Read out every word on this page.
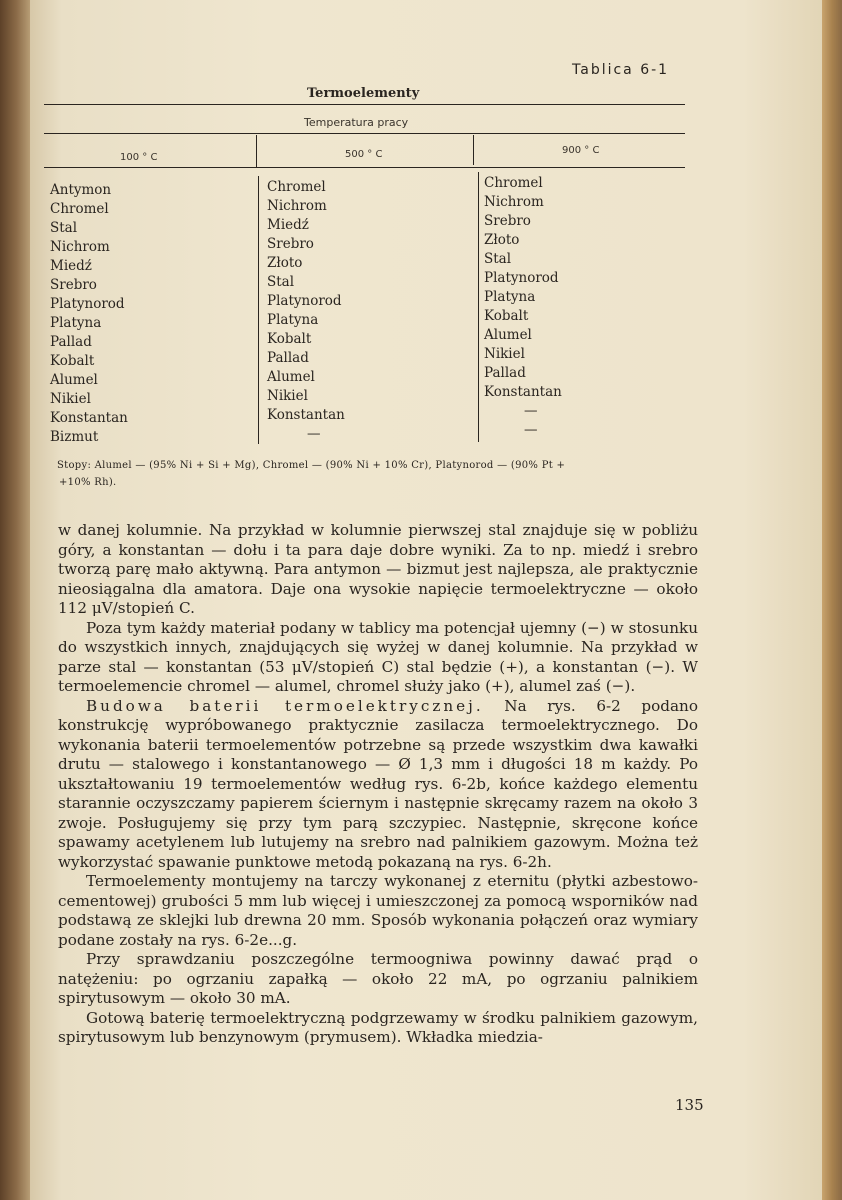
Tablica 6-1
Termoelementy
Temperatura pracy
100 ° C	500 ° C	900 ° C
Antymon
Chromel
Stal
Nichrom
Miedź
Srebro
Platynorod
Platyna
Pallad
Kobalt
Alumel
Nikiel
Konstantan
Bizmut
Chromel
Nichrom
Miedź
Srebro
Złoto
Stal
Platynorod
Platyna
Kobalt
Pallad
Alumel
Nikiel
Konstantan
—
Chromel
Nichrom
Srebro
Złoto
Stal
Platynorod
Platyna
Kobalt
Alumel
Nikiel
Pallad
Konstantan
—
—
Stopy: Alumel — (95% Ni + Si + Mg), Chromel — (90% Ni + 10% Cr), Platynorod — (90% Pt +
+10% Rh).

w danej kolumnie. Na przykład w kolumnie pierwszej stal znajduje się w pobliżu góry, a konstantan — dołu i ta para daje dobre wyniki. Za to np. miedź i srebro tworzą parę mało aktywną. Para antymon — bizmut jest najlepsza, ale praktycznie nieosiągalna dla amatora. Daje ona wysokie napięcie termoelektryczne — około 112 μV/stopień C.

Poza tym każdy materiał podany w tablicy ma potencjał ujemny (−) w stosunku do wszystkich innych, znajdujących się wyżej w danej kolumnie. Na przykład w parze stal — konstantan (53 μV/stopień C) stal będzie (+), a konstantan (−). W termoelemencie chromel — alumel, chromel służy jako (+), alumel zaś (−).

Budowa baterii termoelektrycznej. Na rys. 6-2 podano konstrukcję wypróbowanego praktycznie zasilacza termoelektrycznego. Do wykonania baterii termoelementów potrzebne są przede wszystkim dwa kawałki drutu — stalowego i konstantanowego — Ø 1,3 mm i długości 18 m każdy. Po ukształtowaniu 19 termoelementów według rys. 6-2b, końce każdego elementu starannie oczyszczamy papierem ściernym i następnie skręcamy razem na około 3 zwoje. Posługujemy się przy tym parą szczypiec. Następnie, skręcone końce spawamy acetylenem lub lutujemy na srebro nad palnikiem gazowym. Można też wykorzystać spawanie punktowe metodą pokazaną na rys. 6-2h.

Termoelementy montujemy na tarczy wykonanej z eternitu (płytki azbestowo-cementowej) grubości 5 mm lub więcej i umieszczonej za pomocą wsporników nad podstawą ze sklejki lub drewna 20 mm. Sposób wykonania połączeń oraz wymiary podane zostały na rys. 6-2e...g.

Przy sprawdzaniu poszczególne termoogniwa powinny dawać prąd o natężeniu: po ogrzaniu zapałką — około 22 mA, po ogrzaniu palnikiem spirytusowym — około 30 mA.

Gotową baterię termoelektryczną podgrzewamy w środku palnikiem gazowym, spirytusowym lub benzynowym (prymusem). Wkładka miedzia-

135
